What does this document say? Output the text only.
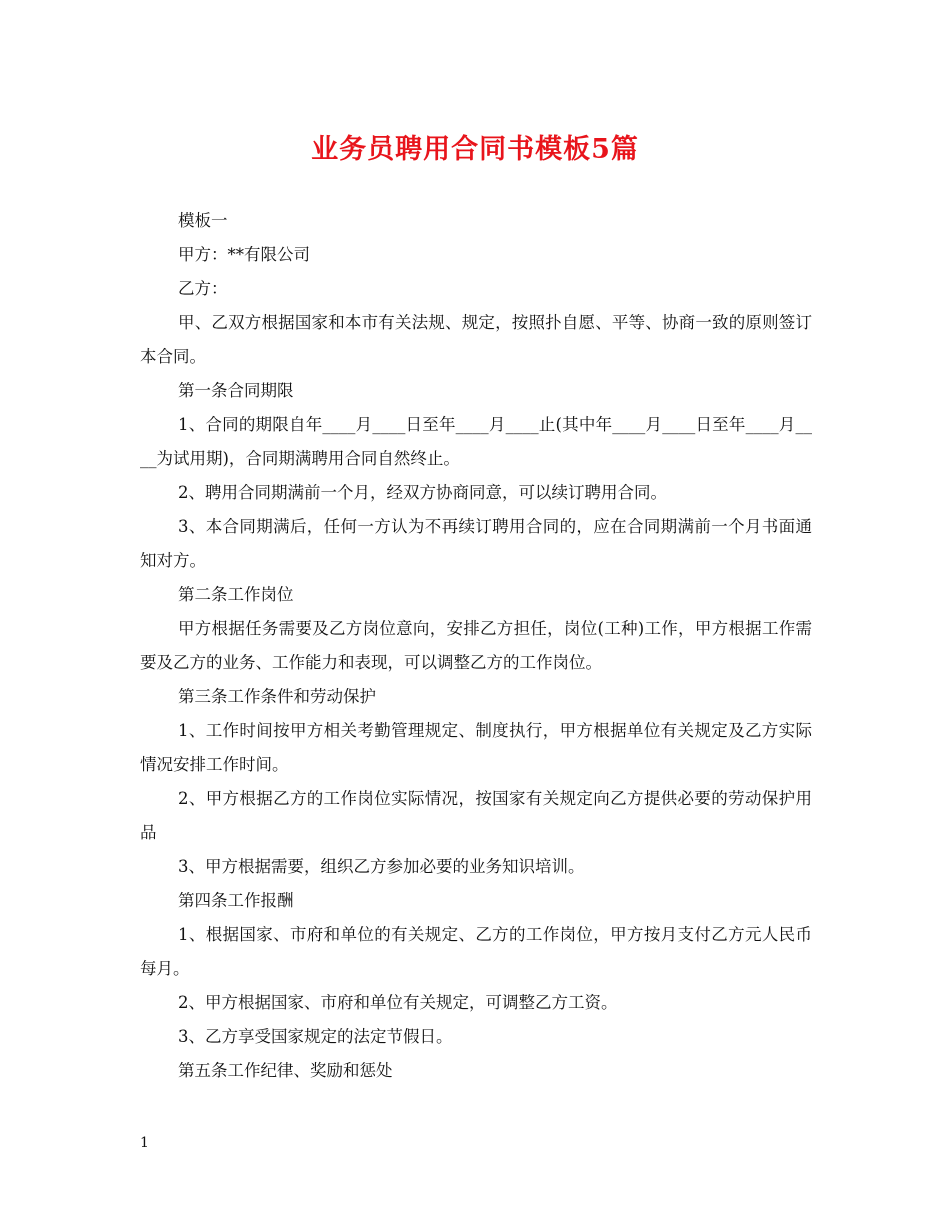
业务员聘用合同书模板5篇

模板一

甲方：**有限公司

乙方：

甲、乙双方根据国家和本市有关法规、规定，按照扑自愿、平等、协商一致的原则签订本合同。

第一条合同期限

1、合同的期限自年____月____日至年____月____止(其中年____月____日至年____月____为试用期)，合同期满聘用合同自然终止。

2、聘用合同期满前一个月，经双方协商同意，可以续订聘用合同。

3、本合同期满后，任何一方认为不再续订聘用合同的，应在合同期满前一个月书面通知对方。

第二条工作岗位

甲方根据任务需要及乙方岗位意向，安排乙方担任，岗位(工种)工作，甲方根据工作需要及乙方的业务、工作能力和表现，可以调整乙方的工作岗位。

第三条工作条件和劳动保护

1、工作时间按甲方相关考勤管理规定、制度执行，甲方根据单位有关规定及乙方实际情况安排工作时间。

2、甲方根据乙方的工作岗位实际情况，按国家有关规定向乙方提供必要的劳动保护用品

3、甲方根据需要，组织乙方参加必要的业务知识培训。

第四条工作报酬

1、根据国家、市府和单位的有关规定、乙方的工作岗位，甲方按月支付乙方元人民币每月。

2、甲方根据国家、市府和单位有关规定，可调整乙方工资。

3、乙方享受国家规定的法定节假日。

第五条工作纪律、奖励和惩处

1
